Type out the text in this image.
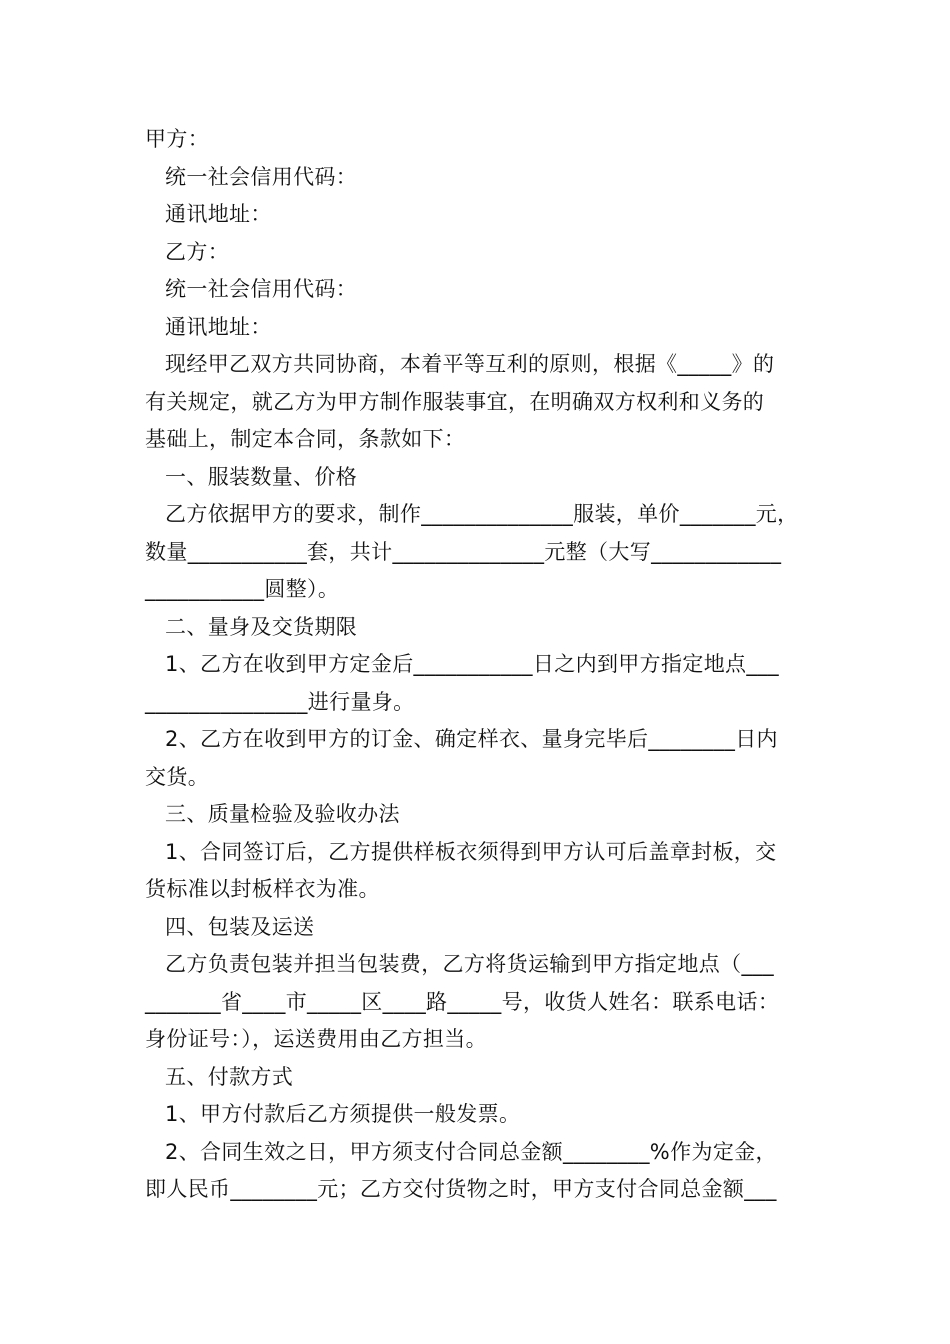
甲方：
统一社会信用代码：
通讯地址：
乙方：
统一社会信用代码：
通讯地址：
现经甲乙双方共同协商，本着平等互利的原则，根据《_____》的
有关规定，就乙方为甲方制作服装事宜，在明确双方权利和义务的
基础上，制定本合同，条款如下：
一、服装数量、价格
乙方依据甲方的要求，制作______________服装，单价_______元，
数量___________套，共计______________元整（大写____________
___________圆整）。
二、量身及交货期限
1、乙方在收到甲方定金后___________日之内到甲方指定地点___
_______________进行量身。
2、乙方在收到甲方的订金、确定样衣、量身完毕后________日内
交货。
三、质量检验及验收办法
1、合同签订后，乙方提供样板衣须得到甲方认可后盖章封板，交
货标准以封板样衣为准。
四、包装及运送
乙方负责包装并担当包装费，乙方将货运输到甲方指定地点（___
_______省____市_____区____路_____号，收货人姓名：联系电话：
身份证号：），运送费用由乙方担当。
五、付款方式
1、甲方付款后乙方须提供一般发票。
2、合同生效之日，甲方须支付合同总金额________%作为定金，
即人民币________元；乙方交付货物之时，甲方支付合同总金额___
